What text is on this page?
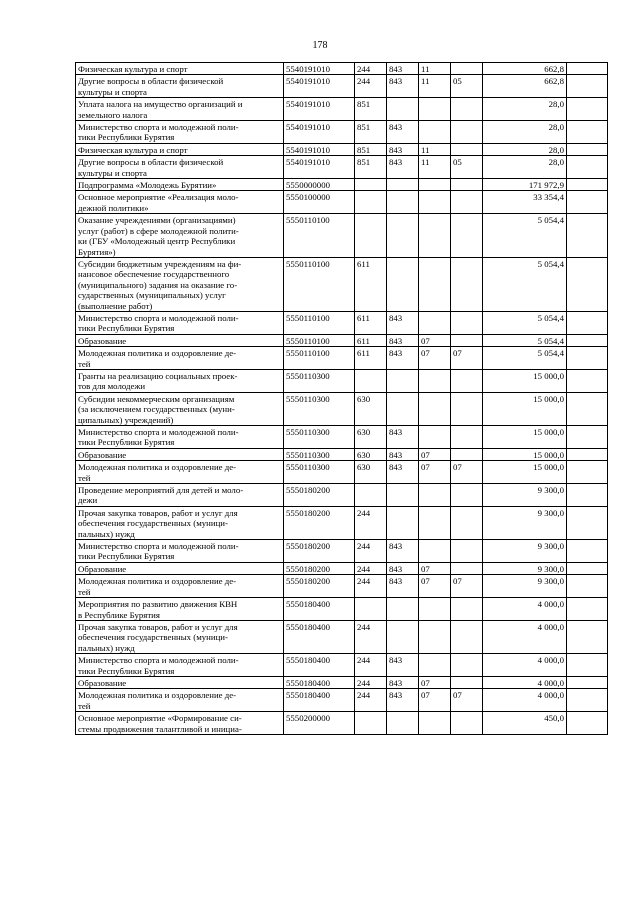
178
Физическая культура и спорт	5540191010	244	843	11		662,8	

Другие вопросы в области физической
культуры и спорта	5540191010	244	843	11	05	662,8	

Уплата налога на имущество организаций и
земельного налога	5540191010	851				28,0	

Министерство спорта и молодежной поли-
тики Республики Бурятия	5540191010	851	843			28,0	

Физическая культура и спорт	5540191010	851	843	11		28,0	

Другие вопросы в области физической
культуры и спорта	5540191010	851	843	11	05	28,0	

Подпрограмма «Молодежь Бурятии»	5550000000					171 972,9	

Основное мероприятие «Реализация моло-
дежной политики»	5550100000					33 354,4	

Оказание учреждениями (организациями)
услуг (работ) в сфере молодежной полити-
ки (ГБУ «Молодежный центр Республики
Бурятия»)	5550110100					5 054,4	

Субсидии бюджетным учреждениям на фи-
нансовое обеспечение государственного
(муниципального) задания на оказание го-
сударственных (муниципальных) услуг
(выполнение работ)	5550110100	611				5 054,4	

Министерство спорта и молодежной поли-
тики Республики Бурятия	5550110100	611	843			5 054,4	

Образование	5550110100	611	843	07		5 054,4	

Молодежная политика и оздоровление де-
тей	5550110100	611	843	07	07	5 054,4	

Гранты на реализацию социальных проек-
тов для молодежи	5550110300					15 000,0	

Субсидии некоммерческим организациям
(за исключением государственных (муни-
ципальных) учреждений)	5550110300	630				15 000,0	

Министерство спорта и молодежной поли-
тики Республики Бурятия	5550110300	630	843			15 000,0	

Образование	5550110300	630	843	07		15 000,0	

Молодежная политика и оздоровление де-
тей	5550110300	630	843	07	07	15 000,0	

Проведение мероприятий для детей и моло-
дежи	5550180200					9 300,0	

Прочая закупка товаров, работ и услуг для
обеспечения государственных (муници-
пальных) нужд	5550180200	244				9 300,0	

Министерство спорта и молодежной поли-
тики Республики Бурятия	5550180200	244	843			9 300,0	

Образование	5550180200	244	843	07		9 300,0	

Молодежная политика и оздоровление де-
тей	5550180200	244	843	07	07	9 300,0	

Мероприятия по развитию движения КВН
в Республике Бурятия	5550180400					4 000,0	

Прочая закупка товаров, работ и услуг для
обеспечения государственных (муници-
пальных) нужд	5550180400	244				4 000,0	

Министерство спорта и молодежной поли-
тики Республики Бурятия	5550180400	244	843			4 000,0	

Образование	5550180400	244	843	07		4 000,0	

Молодежная политика и оздоровление де-
тей	5550180400	244	843	07	07	4 000,0	

Основное мероприятие «Формирование си-
стемы продвижения талантливой и инициа-	5550200000					450,0	
